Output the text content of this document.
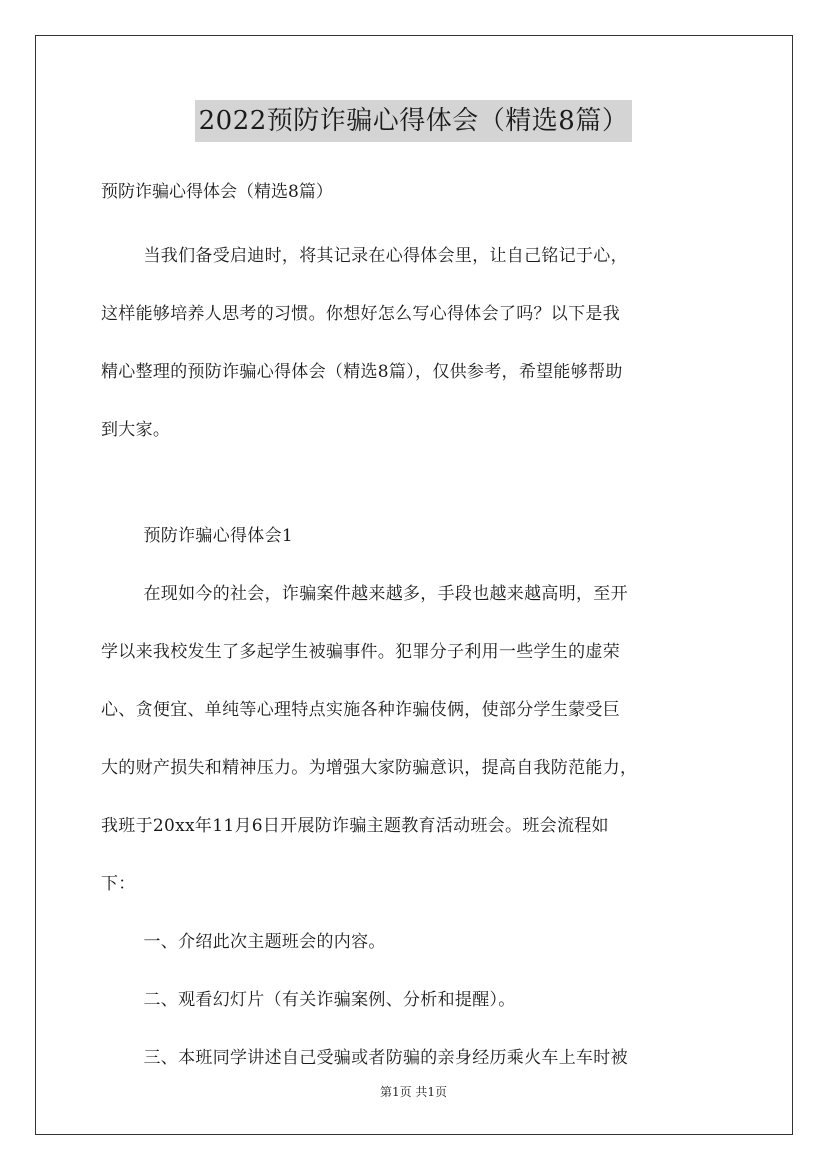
2022预防诈骗心得体会（精选8篇）
预防诈骗心得体会（精选8篇）
当我们备受启迪时，将其记录在心得体会里，让自己铭记于心，
这样能够培养人思考的习惯。你想好怎么写心得体会了吗？以下是我
精心整理的预防诈骗心得体会（精选8篇），仅供参考，希望能够帮助
到大家。
预防诈骗心得体会1
在现如今的社会，诈骗案件越来越多，手段也越来越高明，至开
学以来我校发生了多起学生被骗事件。犯罪分子利用一些学生的虚荣
心、贪便宜、单纯等心理特点实施各种诈骗伎俩，使部分学生蒙受巨
大的财产损失和精神压力。为增强大家防骗意识，提高自我防范能力，
我班于20xx年11月6日开展防诈骗主题教育活动班会。班会流程如
下：
一、介绍此次主题班会的内容。
二、观看幻灯片（有关诈骗案例、分析和提醒）。
三、本班同学讲述自己受骗或者防骗的亲身经历乘火车上车时被
第1页 共1页
